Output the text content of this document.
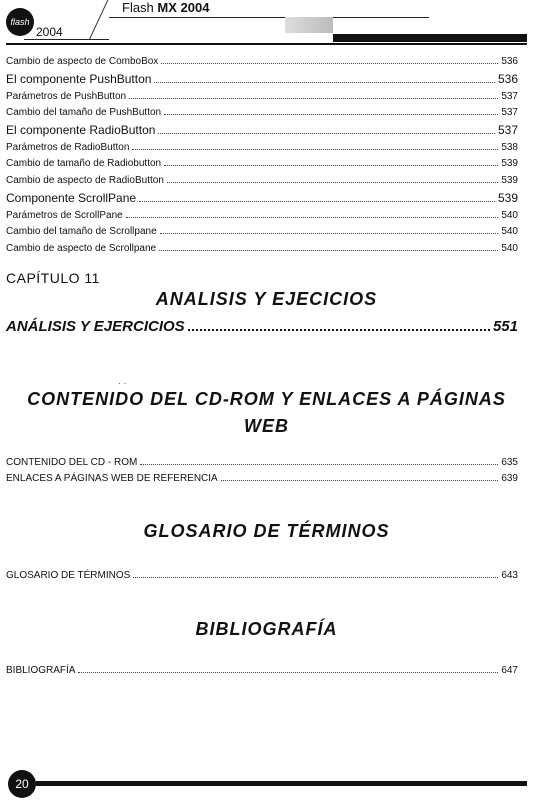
flash
2004
Flash MX 2004
Cambio de aspecto de ComboBox	536
El componente PushButton	536
Parámetros de PushButton	537
Cambio del tamaño de PushButton	537
El componente RadioButton	537
Parámetros de RadioButton	538
Cambio de tamaño de Radiobutton	539
Cambio de aspecto de RadioButton	539
Componente ScrollPane	539
Parámetros de ScrollPane	540
Cambio del tamaño de Scrollpane	540
Cambio de aspecto de Scrollpane	540
CAPÍTULO 11
ANALISIS Y EJECICIOS
ANÁLISIS Y EJERCICIOS	551
. .
CONTENIDO DEL CD-ROM Y ENLACES A PÁGINAS
WEB
CONTENIDO DEL CD - ROM	635
ENLACES A PÁGINAS WEB DE REFERENCIA	639
GLOSARIO DE TÉRMINOS
GLOSARIO DE TÉRMINOS	643
BIBLIOGRAFÍA
BIBLIOGRAFÍA	647
20
